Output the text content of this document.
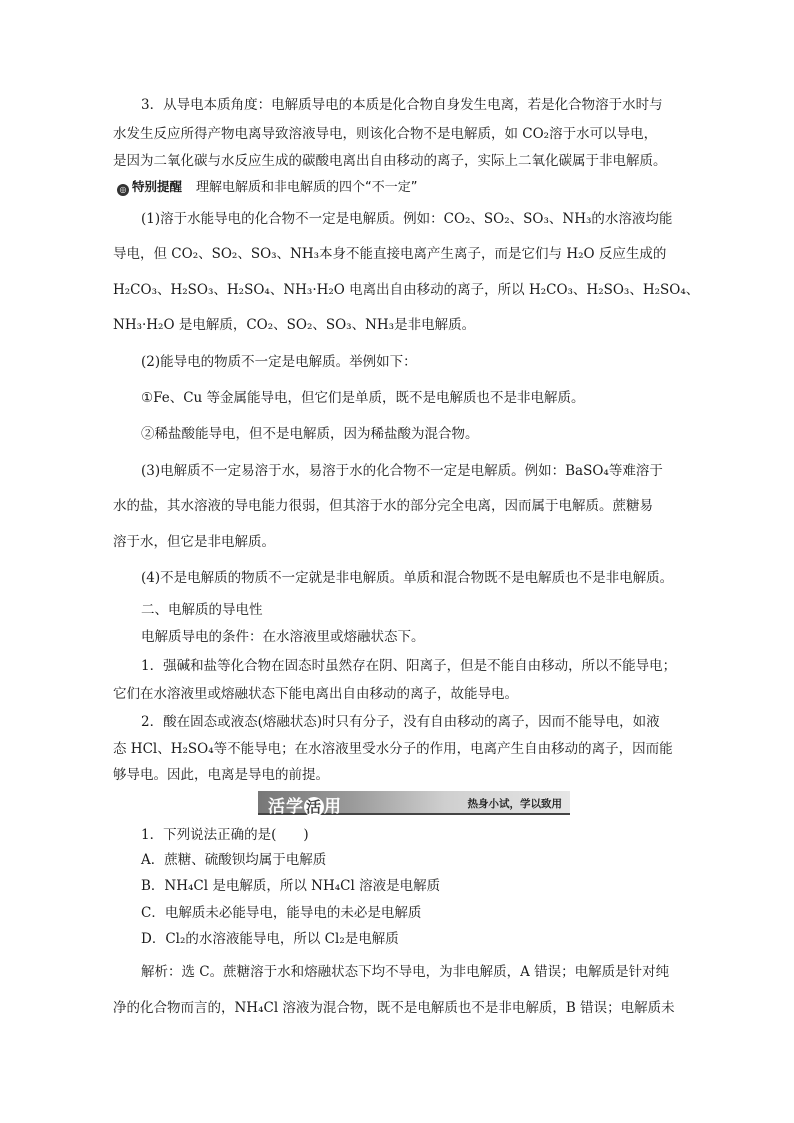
3．从导电本质角度：电解质导电的本质是化合物自身发生电离，若是化合物溶于水时与
水发生反应所得产物电离导致溶液导电，则该化合物不是电解质，如 CO₂溶于水可以导电，
是因为二氧化碳与水反应生成的碳酸电离出自由移动的离子，实际上二氧化碳属于非电解质。
◎ 特别提醒 理解电解质和非电解质的四个“不一定”
(1)溶于水能导电的化合物不一定是电解质。例如：CO₂、SO₂、SO₃、NH₃的水溶液均能
导电，但 CO₂、SO₂、SO₃、NH₃本身不能直接电离产生离子，而是它们与 H₂O 反应生成的
H₂CO₃、H₂SO₃、H₂SO₄、NH₃·H₂O 电离出自由移动的离子，所以 H₂CO₃、H₂SO₃、H₂SO₄、
NH₃·H₂O 是电解质，CO₂、SO₂、SO₃、NH₃是非电解质。
(2)能导电的物质不一定是电解质。举例如下：
①Fe、Cu 等金属能导电，但它们是单质，既不是电解质也不是非电解质。
②稀盐酸能导电，但不是电解质，因为稀盐酸为混合物。
(3)电解质不一定易溶于水，易溶于水的化合物不一定是电解质。例如：BaSO₄等难溶于
水的盐，其水溶液的导电能力很弱，但其溶于水的部分完全电离，因而属于电解质。蔗糖易
溶于水，但它是非电解质。
(4)不是电解质的物质不一定就是非电解质。单质和混合物既不是电解质也不是非电解质。
二、电解质的导电性
电解质导电的条件：在水溶液里或熔融状态下。
1．强碱和盐等化合物在固态时虽然存在阴、阳离子，但是不能自由移动，所以不能导电；
它们在水溶液里或熔融状态下能电离出自由移动的离子，故能导电。
2．酸在固态或液态(熔融状态)时只有分子，没有自由移动的离子，因而不能导电，如液
态 HCl、H₂SO₄等不能导电；在水溶液里受水分子的作用，电离产生自由移动的离子，因而能
够导电。因此，电离是导电的前提。
活学 活 用	热身小试，学以致用
1．下列说法正确的是(　　)
A．蔗糖、硫酸钡均属于电解质
B．NH₄Cl 是电解质，所以 NH₄Cl 溶液是电解质
C．电解质未必能导电，能导电的未必是电解质
D．Cl₂的水溶液能导电，所以 Cl₂是电解质
解析：选 C。蔗糖溶于水和熔融状态下均不导电，为非电解质，A 错误；电解质是针对纯
净的化合物而言的，NH₄Cl 溶液为混合物，既不是电解质也不是非电解质，B 错误；电解质未
